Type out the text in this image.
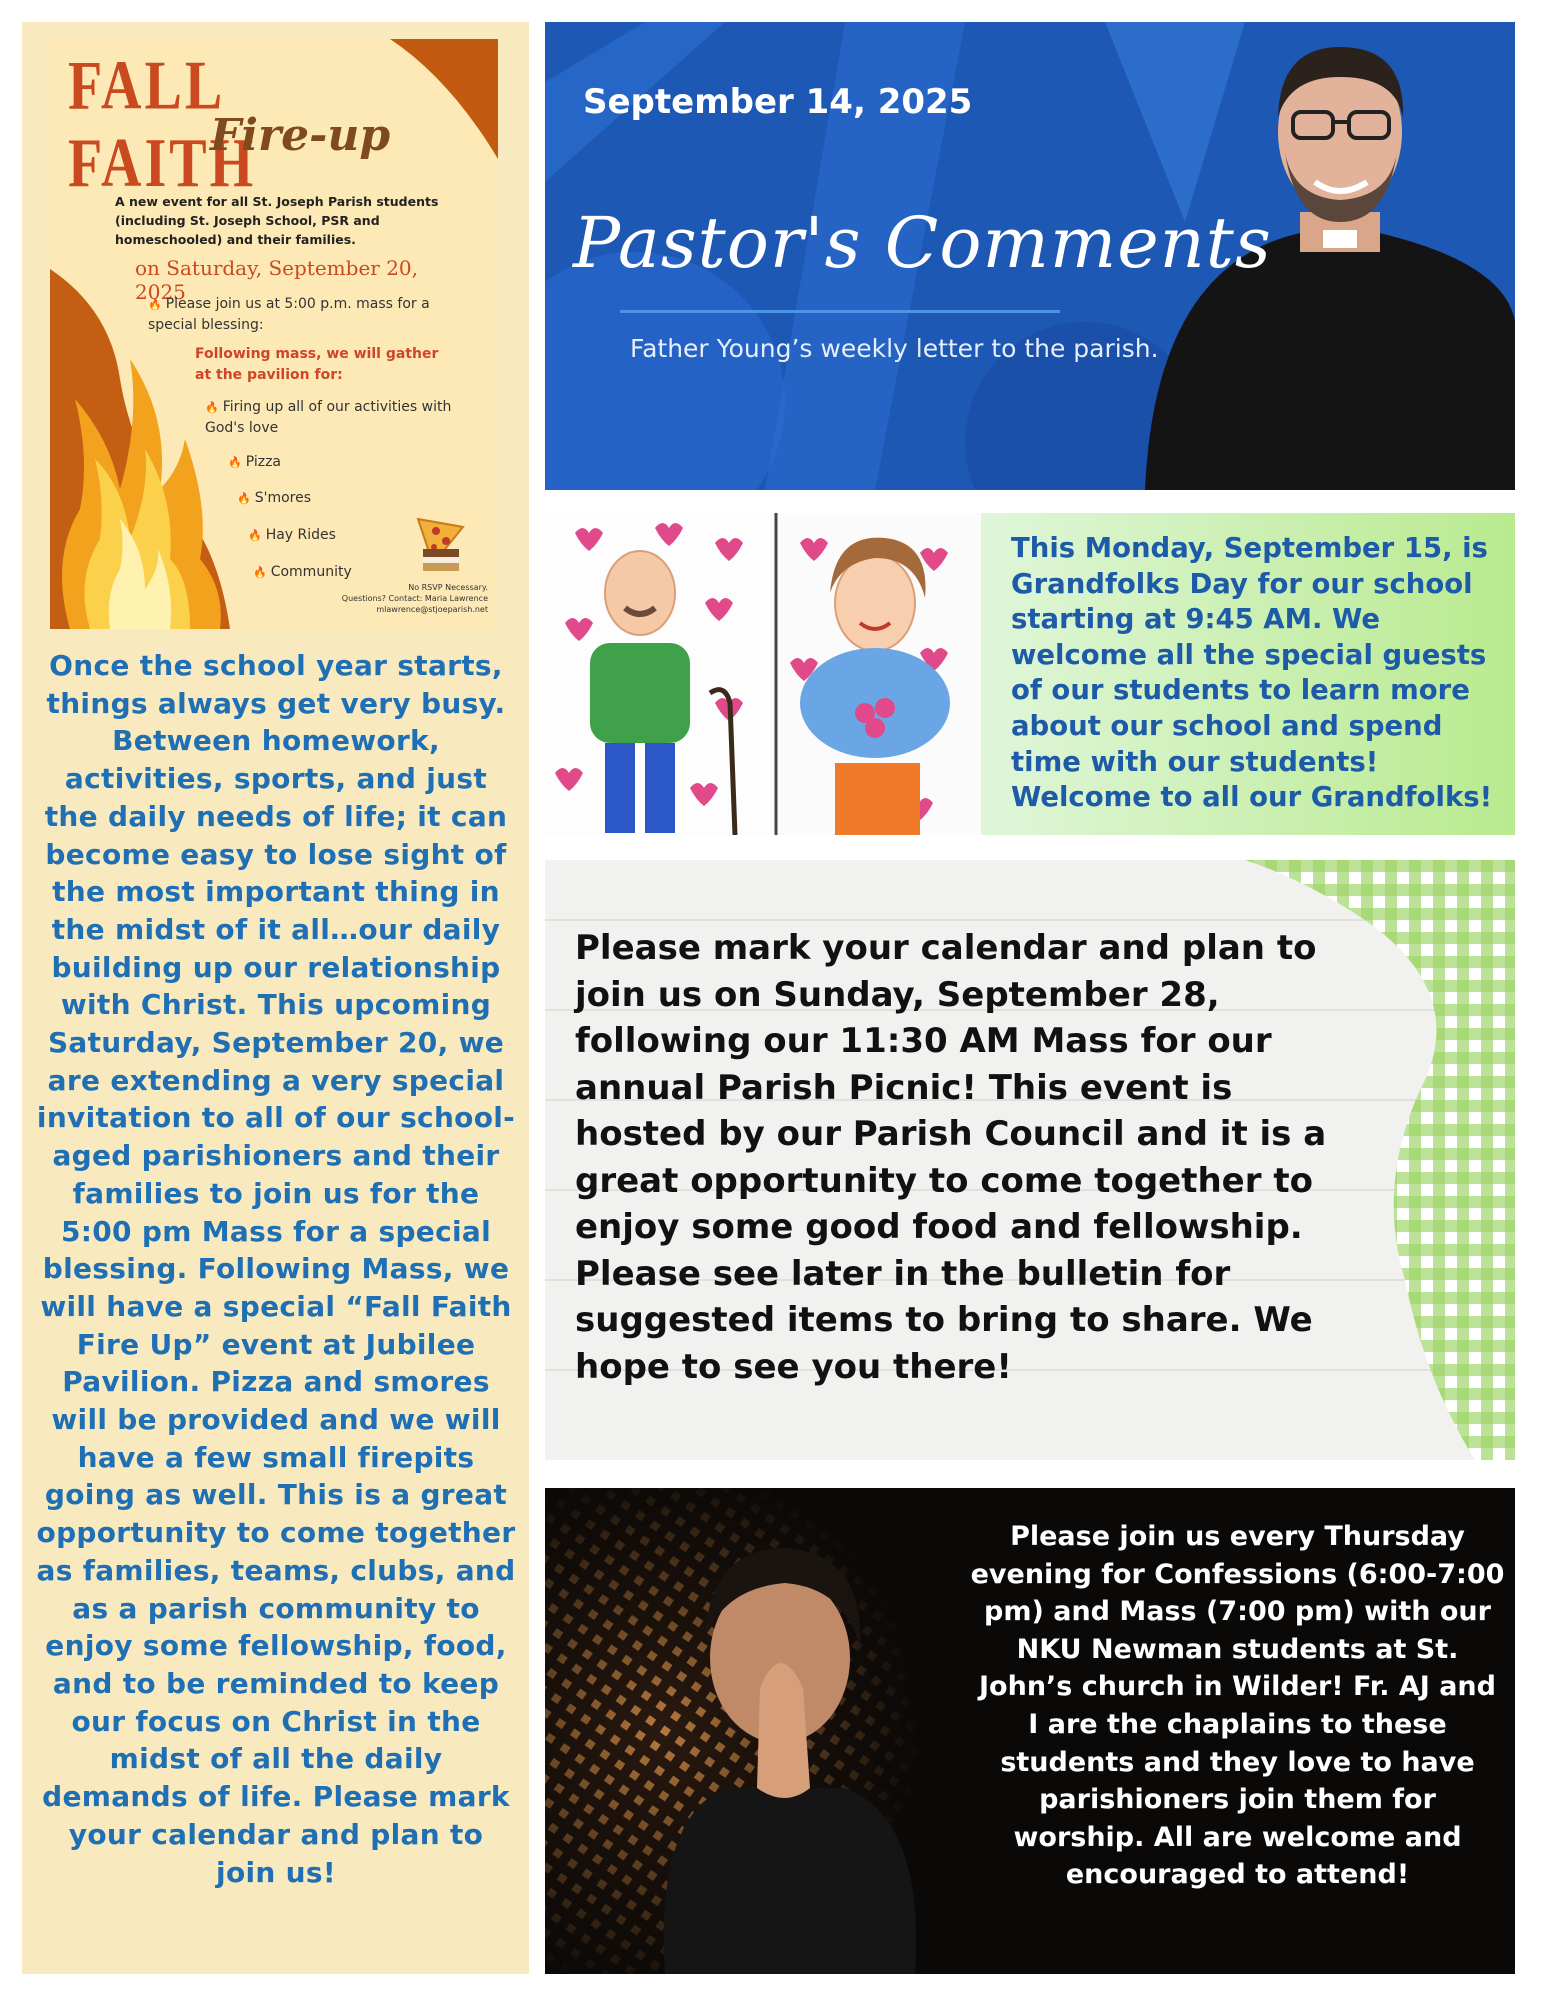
FALL FAITH
Fire-up
A new event for all St. Joseph Parish students (including St. Joseph School, PSR and homeschooled) and their families.
on Saturday, September 20, 2025
🔥 Please join us at 5:00 p.m. mass for a special blessing:
Following mass, we will gather at the pavilion for:
🔥 Firing up all of our activities with God's love
🔥 Pizza
🔥 S'mores
🔥 Hay Rides
🔥 Community
No RSVP Necessary.
Questions? Contact: Maria Lawrence
mlawrence@stjoeparish.net
Once the school year starts, things always get very busy. Between homework, activities, sports, and just the daily needs of life; it can become easy to lose sight of the most important thing in the midst of it all…our daily building up our relationship with Christ. This upcoming Saturday, September 20, we are extending a very special invitation to all of our school-aged parishioners and their families to join us for the 5:00 pm Mass for a special blessing. Following Mass, we will have a special “Fall Faith Fire Up” event at Jubilee Pavilion. Pizza and smores will be provided and we will have a few small firepits going as well. This is a great opportunity to come together as families, teams, clubs, and as a parish community to enjoy some fellowship, food, and to be reminded to keep our focus on Christ in the midst of all the daily demands of life. Please mark your calendar and plan to join us!
September 14, 2025
Pastor's Comments
Father Young’s weekly letter to the parish.
This Monday, September 15, is Grandfolks Day for our school starting at 9:45 AM. We welcome all the special guests of our students to learn more about our school and spend time with our students! Welcome to all our Grandfolks!
Please mark your calendar and plan to join us on Sunday, September 28, following our 11:30 AM Mass for our annual Parish Picnic! This event is hosted by our Parish Council and it is a great opportunity to come together to enjoy some good food and fellowship. Please see later in the bulletin for suggested items to bring to share. We hope to see you there!
Please join us every Thursday evening for Confessions (6:00-7:00 pm) and Mass (7:00 pm) with our NKU Newman students at St. John’s church in Wilder! Fr. AJ and I are the chaplains to these students and they love to have parishioners join them for worship. All are welcome and encouraged to attend!
